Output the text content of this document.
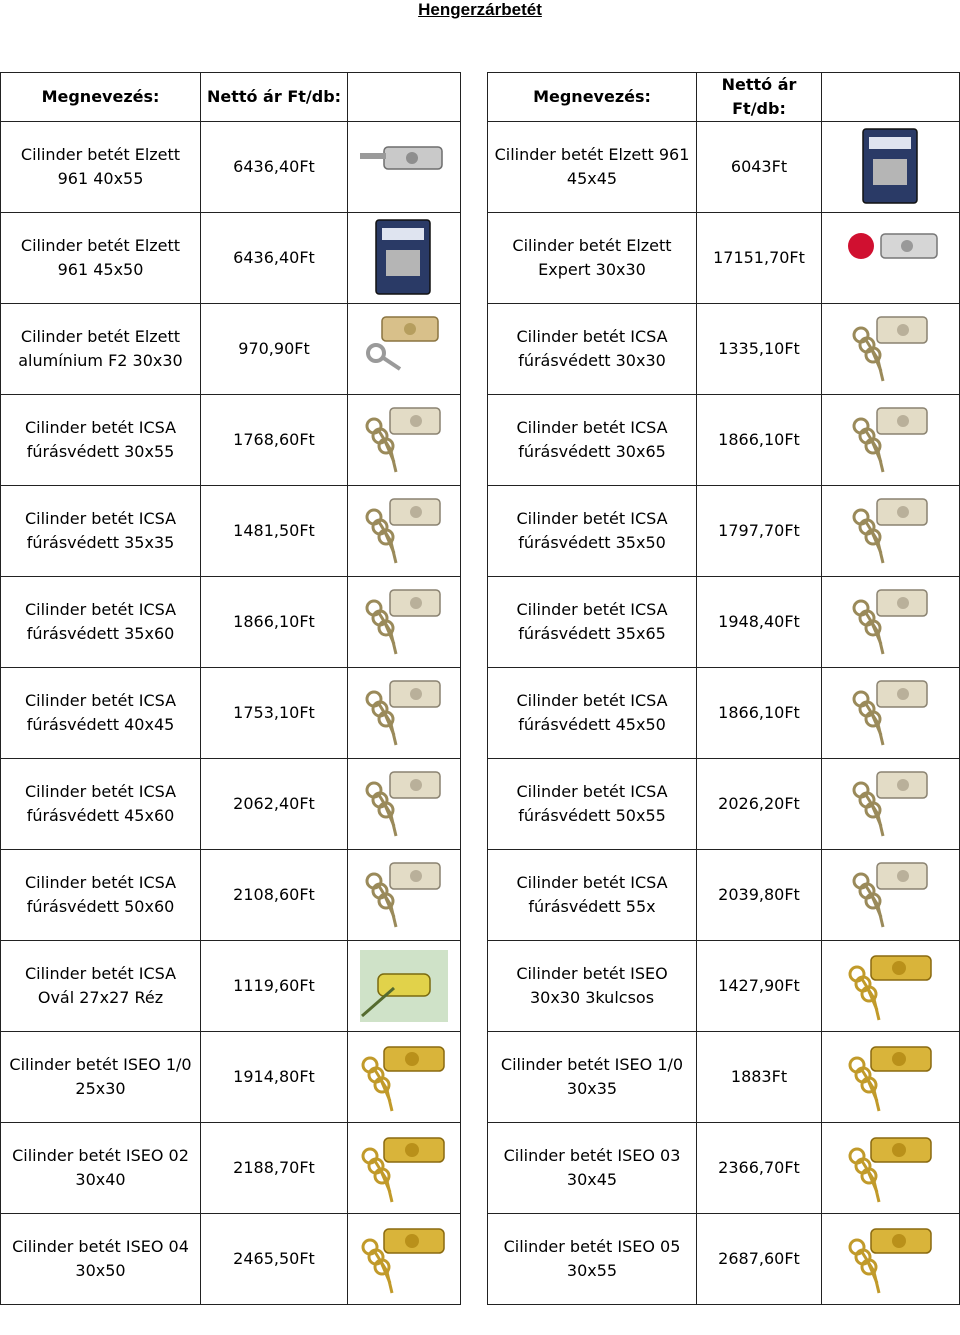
Hengerzárbetét
Megnevezés:	Nettó ár Ft/db:	
Cilinder betét Elzett 961 40x55	6436,40Ft	

Cilinder betét Elzett 961 45x50	6436,40Ft	

Cilinder betét Elzett alumínium F2 30x30	970,90Ft	

Cilinder betét ICSA fúrásvédett 30x55	1768,60Ft	

Cilinder betét ICSA fúrásvédett 35x35	1481,50Ft	

Cilinder betét ICSA fúrásvédett 35x60	1866,10Ft	

Cilinder betét ICSA fúrásvédett 40x45	1753,10Ft	

Cilinder betét ICSA fúrásvédett 45x60	2062,40Ft	

Cilinder betét ICSA fúrásvédett 50x60	2108,60Ft	

Cilinder betét ICSA Ovál 27x27 Réz	1119,60Ft	

Cilinder betét ISEO 1/0 25x30	1914,80Ft	

Cilinder betét ISEO 02 30x40	2188,70Ft	

Cilinder betét ISEO 04 30x50	2465,50Ft	
Megnevezés:	Nettó ár Ft/db:	
Cilinder betét Elzett 961 45x45	6043Ft	

Cilinder betét Elzett Expert 30x30	17151,70Ft	

Cilinder betét ICSA fúrásvédett 30x30	1335,10Ft	

Cilinder betét ICSA fúrásvédett 30x65	1866,10Ft	

Cilinder betét ICSA fúrásvédett 35x50	1797,70Ft	

Cilinder betét ICSA fúrásvédett 35x65	1948,40Ft	

Cilinder betét ICSA fúrásvédett 45x50	1866,10Ft	

Cilinder betét ICSA fúrásvédett 50x55	2026,20Ft	

Cilinder betét ICSA fúrásvédett 55x	2039,80Ft	

Cilinder betét ISEO 30x30 3kulcsos	1427,90Ft	

Cilinder betét ISEO 1/0 30x35	1883Ft	

Cilinder betét ISEO 03 30x45	2366,70Ft	

Cilinder betét ISEO 05 30x55	2687,60Ft	
